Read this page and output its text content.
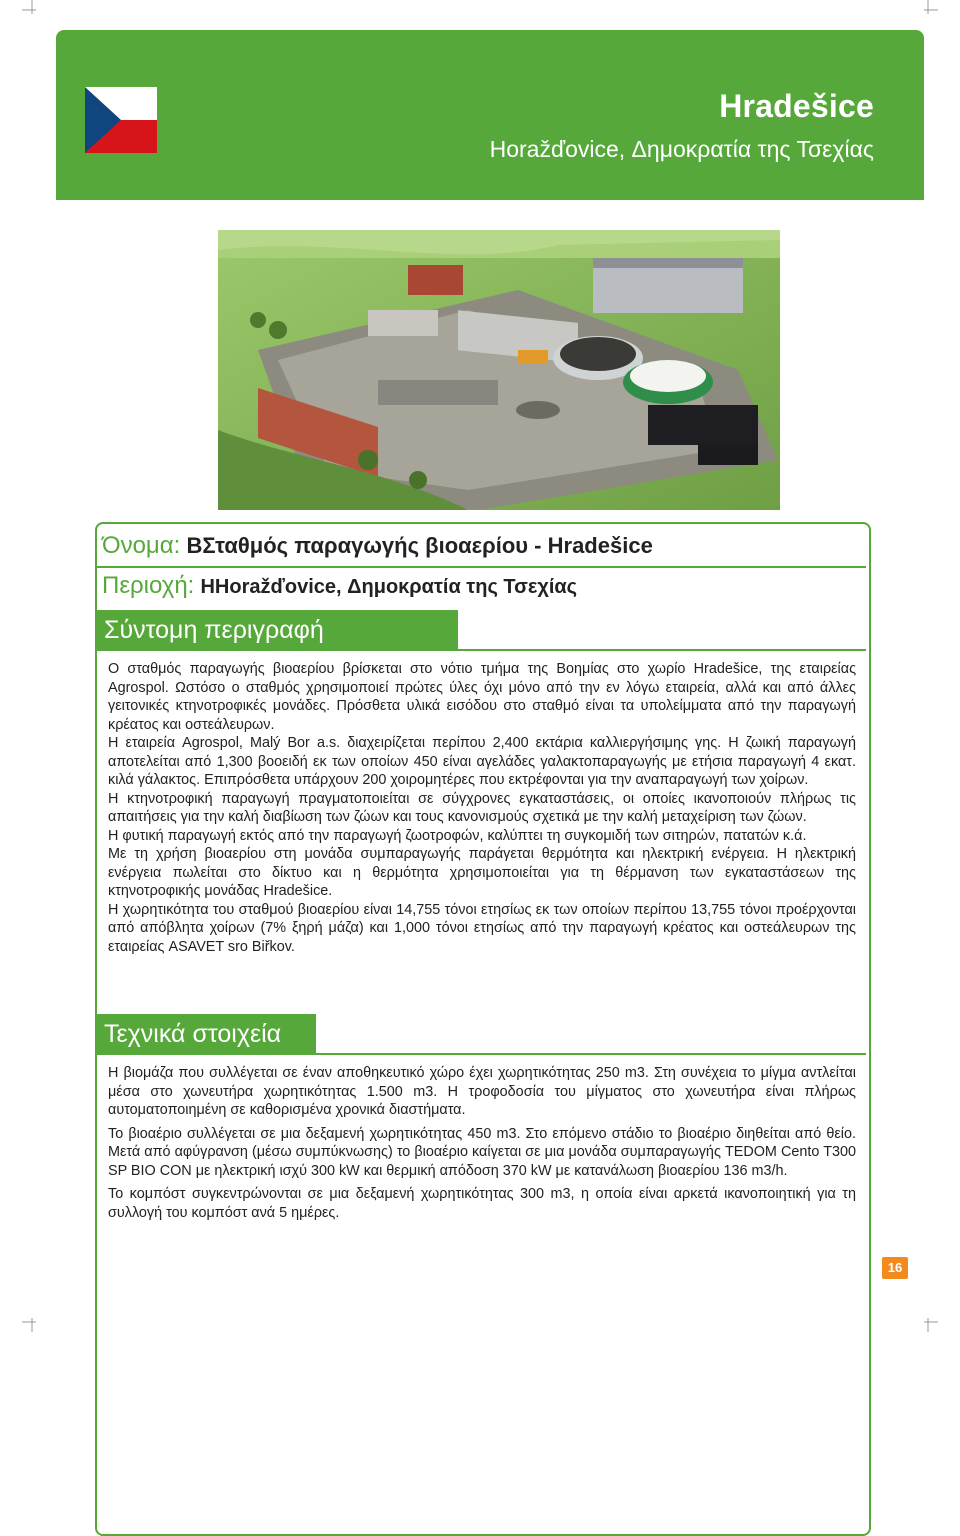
Hradešice

Horažďovice, Δημοκρατία της Τσεχίας

Όνομα: ΒΣταθμός παραγωγής βιοαερίου - Hradešice
Περιοχή: ΗHoražďovice, Δημοκρατία της Τσεχίας
Σύντομη περιγραφή

Ο σταθμός παραγωγής βιοαερίου βρίσκεται στο νότιο τμήμα της Βοημίας στο χωρίο Hradešice, της εταιρείας Agrospol. Ωστόσο ο σταθμός χρησιμοποιεί πρώτες ύλες όχι μόνο από την εν λόγω εταιρεία, αλλά και από άλλες γειτονικές κτηνοτροφικές μονάδες. Πρόσθετα υλικά εισόδου στο σταθμό είναι τα υπολείμματα από την παραγωγή κρέατος και οστεάλευρων.

Η εταιρεία Agrospol, Malý Bor a.s. διαχειρίζεται περίπου 2,400 εκτάρια καλλιεργήσιμης γης. Η ζωική παραγωγή αποτελείται από 1,300 βοοειδή εκ των οποίων 450 είναι αγελάδες γαλακτοπαραγωγής με ετήσια παραγωγή 4 εκατ. κιλά γάλακτος. Επιπρόσθετα υπάρχουν 200 χοιρομητέρες που εκτρέφονται για την αναπαραγωγή των χοίρων.

Η κτηνοτροφική παραγωγή πραγματοποιείται σε σύγχρονες εγκαταστάσεις, οι οποίες ικανοποιούν πλήρως τις απαιτήσεις για την καλή διαβίωση των ζώων και τους κανονισμούς σχετικά με την καλή μεταχείριση των ζώων.

Η φυτική παραγωγή εκτός από την παραγωγή ζωοτροφών, καλύπτει τη συγκομιδή των σιτηρών, πατατών κ.ά.

Με τη χρήση βιοαερίου στη μονάδα συμπαραγωγής παράγεται θερμότητα και ηλεκτρική ενέργεια. Η ηλεκτρική ενέργεια πωλείται στο δίκτυο και η θερμότητα χρησιμοποιείται για τη θέρμανση των εγκαταστάσεων της κτηνοτροφικής μονάδας Hradešice.

Η χωρητικότητα του σταθμού βιοαερίου είναι 14,755 τόνοι ετησίως εκ των οποίων περίπου 13,755 τόνοι προέρχονται από απόβλητα χοίρων (7% ξηρή μάζα) και 1,000 τόνοι ετησίως από την παραγωγή κρέατος και οστεάλευρων της εταιρείας ASAVET sro Biřkov.

Τεχνικά στοιχεία

Η βιομάζα που συλλέγεται σε έναν αποθηκευτικό χώρο έχει χωρητικότητας 250 m3. Στη συνέχεια το μίγμα αντλείται μέσα στο χωνευτήρα χωρητικότητας 1.500 m3. Η τροφοδοσία του μίγματος στο χωνευτήρα είναι πλήρως αυτοματοποιημένη σε καθορισμένα χρονικά διαστήματα.

Το βιοαέριο συλλέγεται σε μια δεξαμενή χωρητικότητας 450 m3. Στο επόμενο στάδιο το βιοαέριο διηθείται από θείο. Μετά από αφύγρανση (μέσω συμπύκνωσης) το βιοαέριο καίγεται σε μια μονάδα συμπαραγωγής TEDOM Cento T300 SP BIO CON με ηλεκτρική ισχύ 300 kW και θερμική απόδοση 370 kW με κατανάλωση βιοαερίου 136 m3/h.

Το κομπόστ συγκεντρώνονται σε μια δεξαμενή χωρητικότητας 300 m3, η οποία είναι αρκετά ικανοποιητική για τη συλλογή του κομπόστ ανά 5 ημέρες.

16
